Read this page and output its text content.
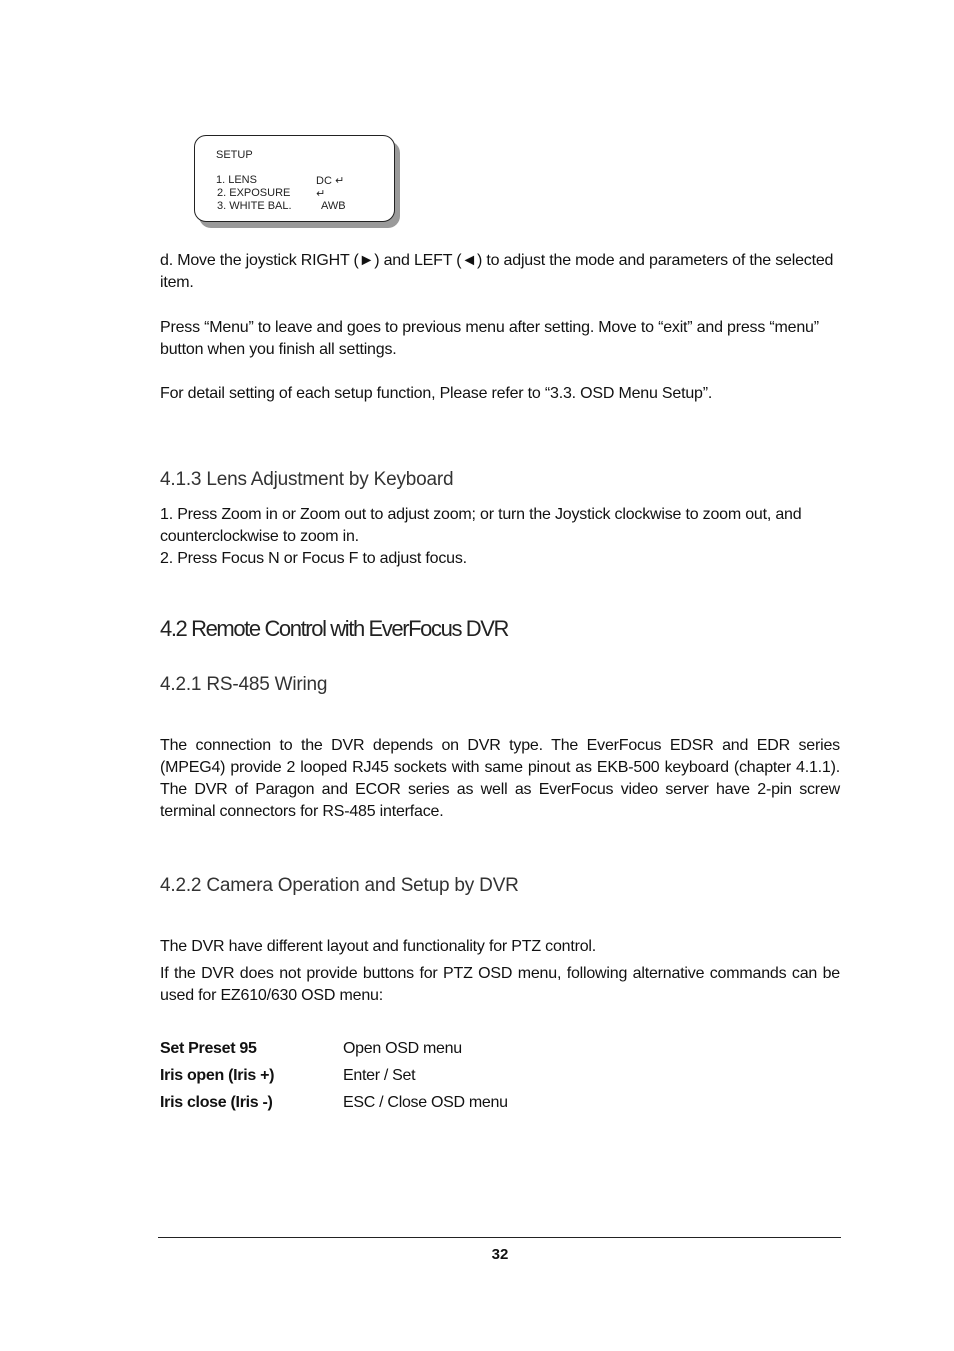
SETUP
1. LENS	DC ↵
2. EXPOSURE ↵
3. WHITE BAL.	AWB
d. Move the joystick RIGHT (►) and LEFT (◄) to adjust the mode and parameters of the selected item.
Press “Menu” to leave and goes to previous menu after setting. Move to “exit” and press “menu” button when you finish all settings.
For detail setting of each setup function, Please refer to “3.3. OSD Menu Setup”.
4.1.3 Lens Adjustment by Keyboard
1. Press Zoom in or Zoom out to adjust zoom; or turn the Joystick clockwise to zoom out, and counterclockwise to zoom in.
2. Press Focus N or Focus F to adjust focus.
4.2 Remote Control with EverFocus DVR
4.2.1 RS-485 Wiring
The connection to the DVR depends on DVR type. The EverFocus EDSR and EDR series (MPEG4) provide 2 looped RJ45 sockets with same pinout as EKB-500 keyboard (chapter 4.1.1). The DVR of Paragon and ECOR series as well as EverFocus video server have 2-pin screw terminal connectors for RS-485 interface.
4.2.2 Camera Operation and Setup by DVR
The DVR have different layout and functionality for PTZ control.
If the DVR does not provide buttons for PTZ OSD menu, following alternative commands can be used for EZ610/630 OSD menu:
Set Preset 95	Open OSD menu
Iris open (Iris +)	Enter / Set
Iris close (Iris -)	ESC / Close OSD menu
32
